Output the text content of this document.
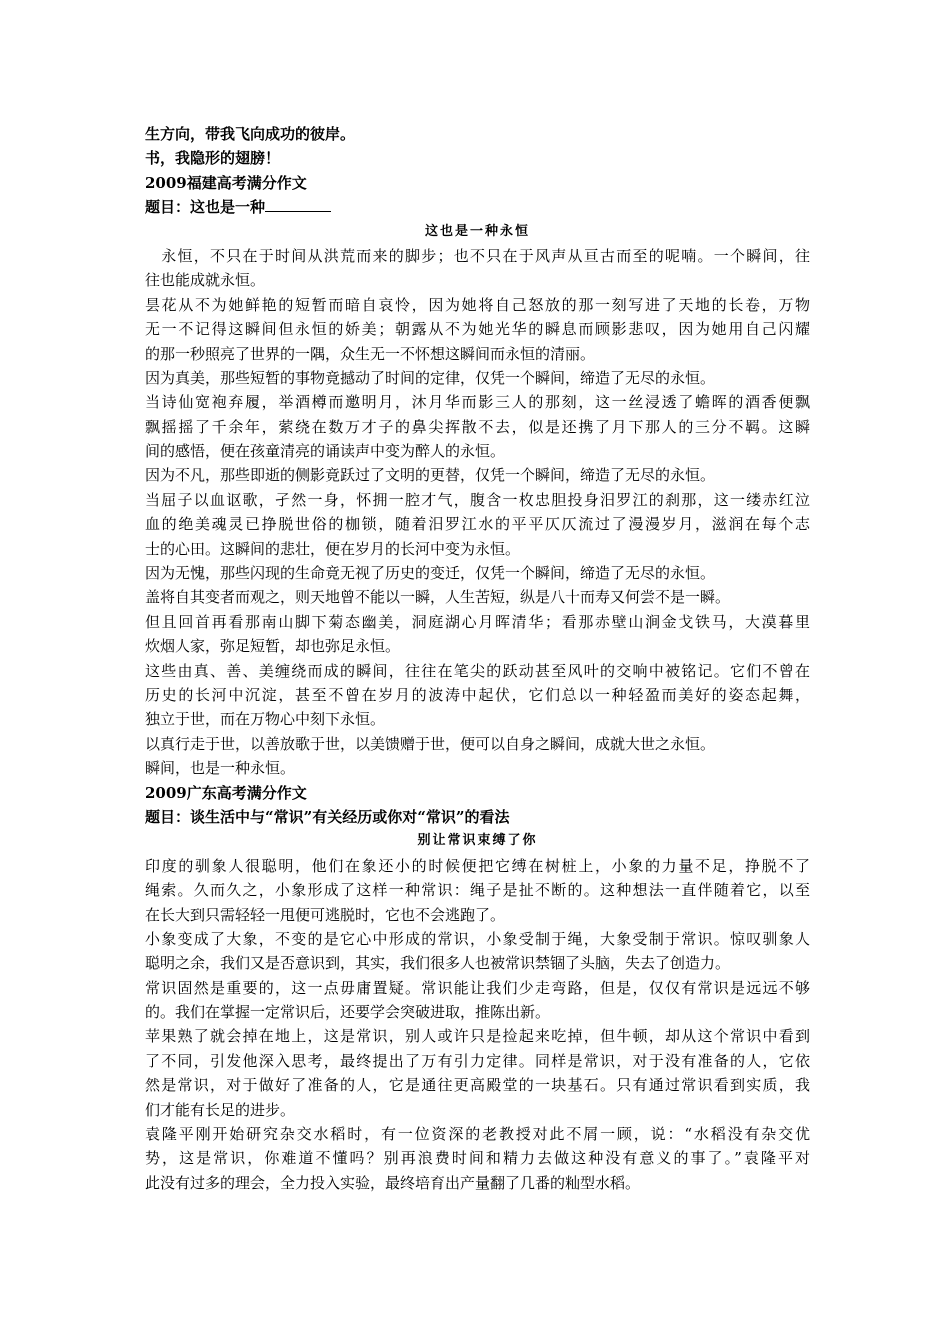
生方向，带我飞向成功的彼岸。
书，我隐形的翅膀！
2009福建高考满分作文
题目：这也是一种
这也是一种永恒
　永恒，不只在于时间从洪荒而来的脚步；也不只在于风声从亘古而至的呢喃。一个瞬间，往
往也能成就永恒。
昙花从不为她鲜艳的短暂而暗自哀怜，因为她将自己怒放的那一刻写进了天地的长卷，万物
无一不记得这瞬间但永恒的娇美；朝露从不为她光华的瞬息而顾影悲叹，因为她用自己闪耀
的那一秒照亮了世界的一隅，众生无一不怀想这瞬间而永恒的清丽。
因为真美，那些短暂的事物竟撼动了时间的定律，仅凭一个瞬间，缔造了无尽的永恒。
当诗仙宽袍弃履，举酒樽而邀明月，沐月华而影三人的那刻，这一丝浸透了蟾晖的酒香便飘
飘摇摇了千余年，萦绕在数万才子的鼻尖挥散不去，似是还携了月下那人的三分不羁。这瞬
间的感悟，便在孩童清亮的诵读声中变为醉人的永恒。
因为不凡，那些即逝的侧影竟跃过了文明的更替，仅凭一个瞬间，缔造了无尽的永恒。
当屈子以血讴歌，孑然一身，怀拥一腔才气，腹含一枚忠胆投身汨罗江的刹那，这一缕赤红泣
血的绝美魂灵已挣脱世俗的枷锁，随着汨罗江水的平平仄仄流过了漫漫岁月，滋润在每个志
士的心田。这瞬间的悲壮，便在岁月的长河中变为永恒。
因为无愧，那些闪现的生命竟无视了历史的变迁，仅凭一个瞬间，缔造了无尽的永恒。
盖将自其变者而观之，则天地曾不能以一瞬，人生苦短，纵是八十而寿又何尝不是一瞬。
但且回首再看那南山脚下菊态幽美，洞庭湖心月晖清华；看那赤壁山涧金戈铁马，大漠暮里
炊烟人家，弥足短暂，却也弥足永恒。
这些由真、善、美缠绕而成的瞬间，往往在笔尖的跃动甚至风叶的交响中被铭记。它们不曾在
历史的长河中沉淀，甚至不曾在岁月的波涛中起伏，它们总以一种轻盈而美好的姿态起舞，
独立于世，而在万物心中刻下永恒。
以真行走于世，以善放歌于世，以美馈赠于世，便可以自身之瞬间，成就大世之永恒。
瞬间，也是一种永恒。
2009广东高考满分作文
题目：谈生活中与“常识”有关经历或你对“常识”的看法
别让常识束缚了你
印度的驯象人很聪明，他们在象还小的时候便把它缚在树桩上，小象的力量不足，挣脱不了
绳索。久而久之，小象形成了这样一种常识：绳子是扯不断的。这种想法一直伴随着它，以至
在长大到只需轻轻一甩便可逃脱时，它也不会逃跑了。
小象变成了大象，不变的是它心中形成的常识，小象受制于绳，大象受制于常识。惊叹驯象人
聪明之余，我们又是否意识到，其实，我们很多人也被常识禁锢了头脑，失去了创造力。
常识固然是重要的，这一点毋庸置疑。常识能让我们少走弯路，但是，仅仅有常识是远远不够
的。我们在掌握一定常识后，还要学会突破进取，推陈出新。
苹果熟了就会掉在地上，这是常识，别人或许只是捡起来吃掉，但牛顿，却从这个常识中看到
了不同，引发他深入思考，最终提出了万有引力定律。同样是常识，对于没有准备的人，它依
然是常识，对于做好了准备的人，它是通往更高殿堂的一块基石。只有通过常识看到实质，我
们才能有长足的进步。
袁隆平刚开始研究杂交水稻时，有一位资深的老教授对此不屑一顾，说：“水稻没有杂交优
势，这是常识，你难道不懂吗？别再浪费时间和精力去做这种没有意义的事了。”袁隆平对
此没有过多的理会，全力投入实验，最终培育出产量翻了几番的籼型水稻。
